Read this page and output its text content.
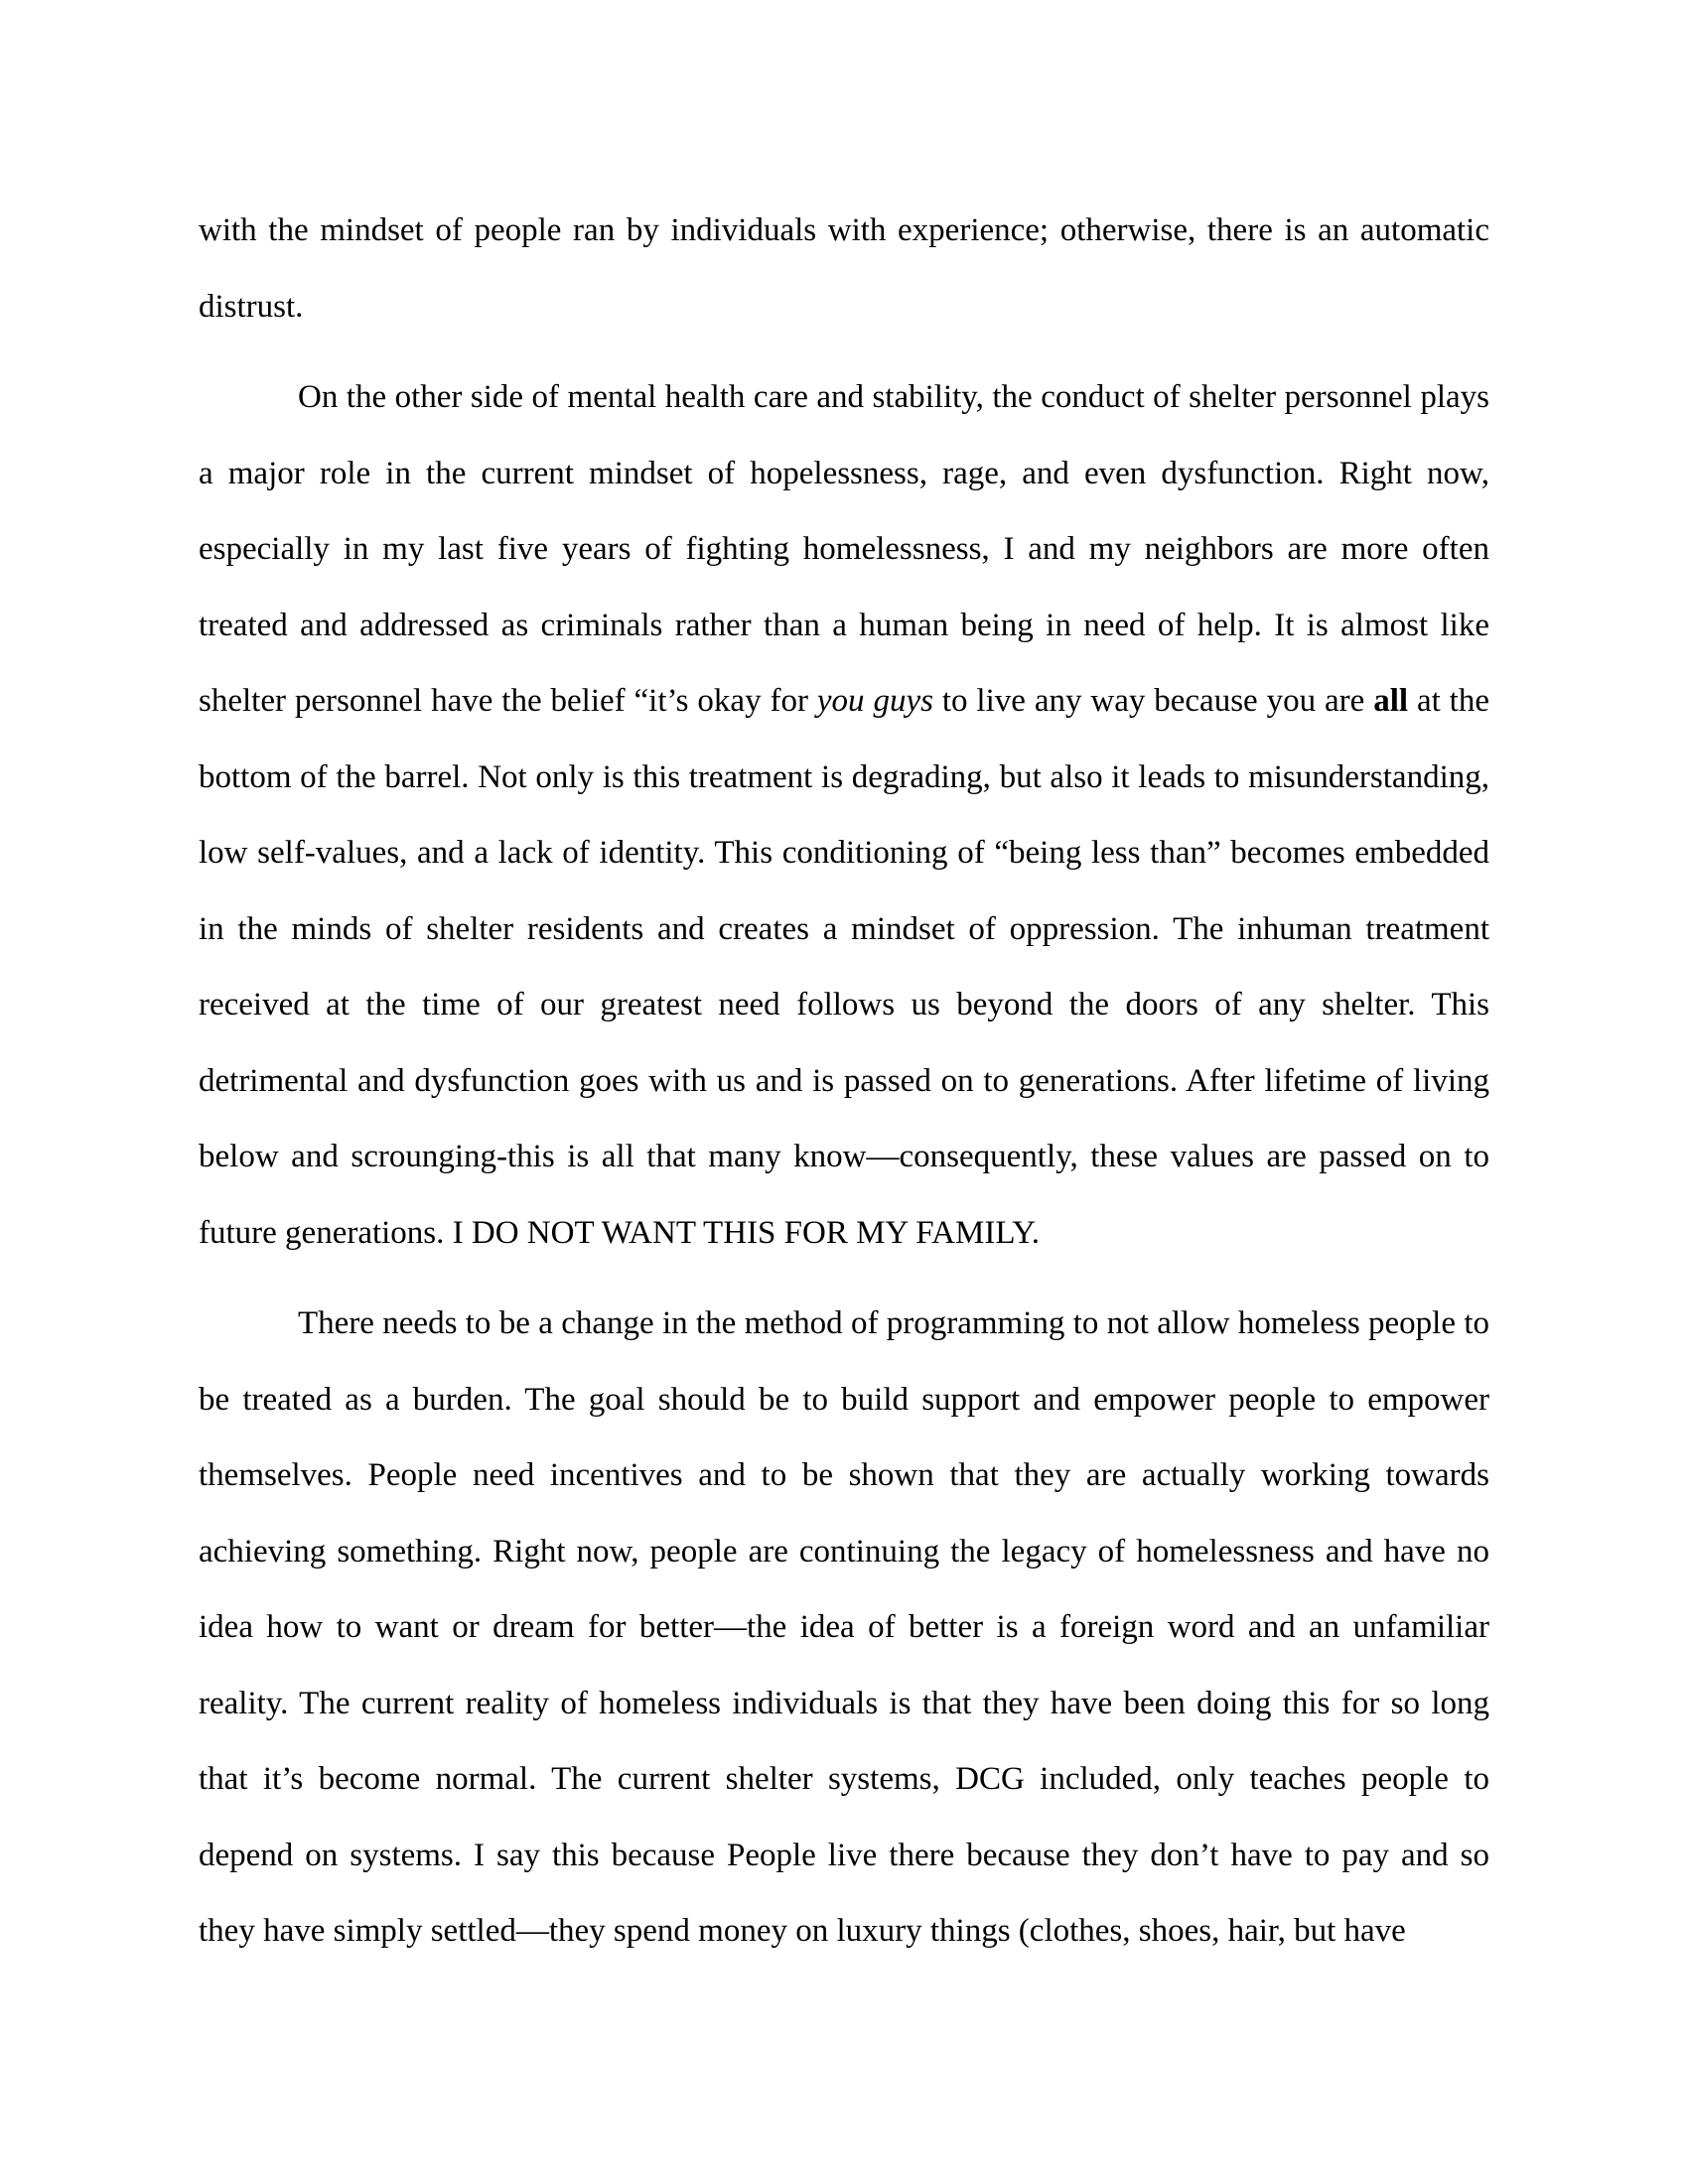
with the mindset of people ran by individuals with experience; otherwise, there is an automatic distrust.

On the other side of mental health care and stability, the conduct of shelter personnel plays a major role in the current mindset of hopelessness, rage, and even dysfunction. Right now, especially in my last five years of fighting homelessness, I and my neighbors are more often treated and addressed as criminals rather than a human being in need of help. It is almost like shelter personnel have the belief “it’s okay for you guys to live any way because you are all at the bottom of the barrel. Not only is this treatment is degrading, but also it leads to misunderstanding, low self-values, and a lack of identity. This conditioning of “being less than” becomes embedded in the minds of shelter residents and creates a mindset of oppression. The inhuman treatment received at the time of our greatest need follows us beyond the doors of any shelter. This detrimental and dysfunction goes with us and is passed on to generations. After lifetime of living below and scrounging-this is all that many know—consequently, these values are passed on to future generations. I DO NOT WANT THIS FOR MY FAMILY.

There needs to be a change in the method of programming to not allow homeless people to be treated as a burden. The goal should be to build support and empower people to empower themselves. People need incentives and to be shown that they are actually working towards achieving something. Right now, people are continuing the legacy of homelessness and have no idea how to want or dream for better—the idea of better is a foreign word and an unfamiliar reality. The current reality of homeless individuals is that they have been doing this for so long that it’s become normal. The current shelter systems, DCG included, only teaches people to depend on systems. I say this because People live there because they don’t have to pay and so they have simply settled—they spend money on luxury things (clothes, shoes, hair, but have
